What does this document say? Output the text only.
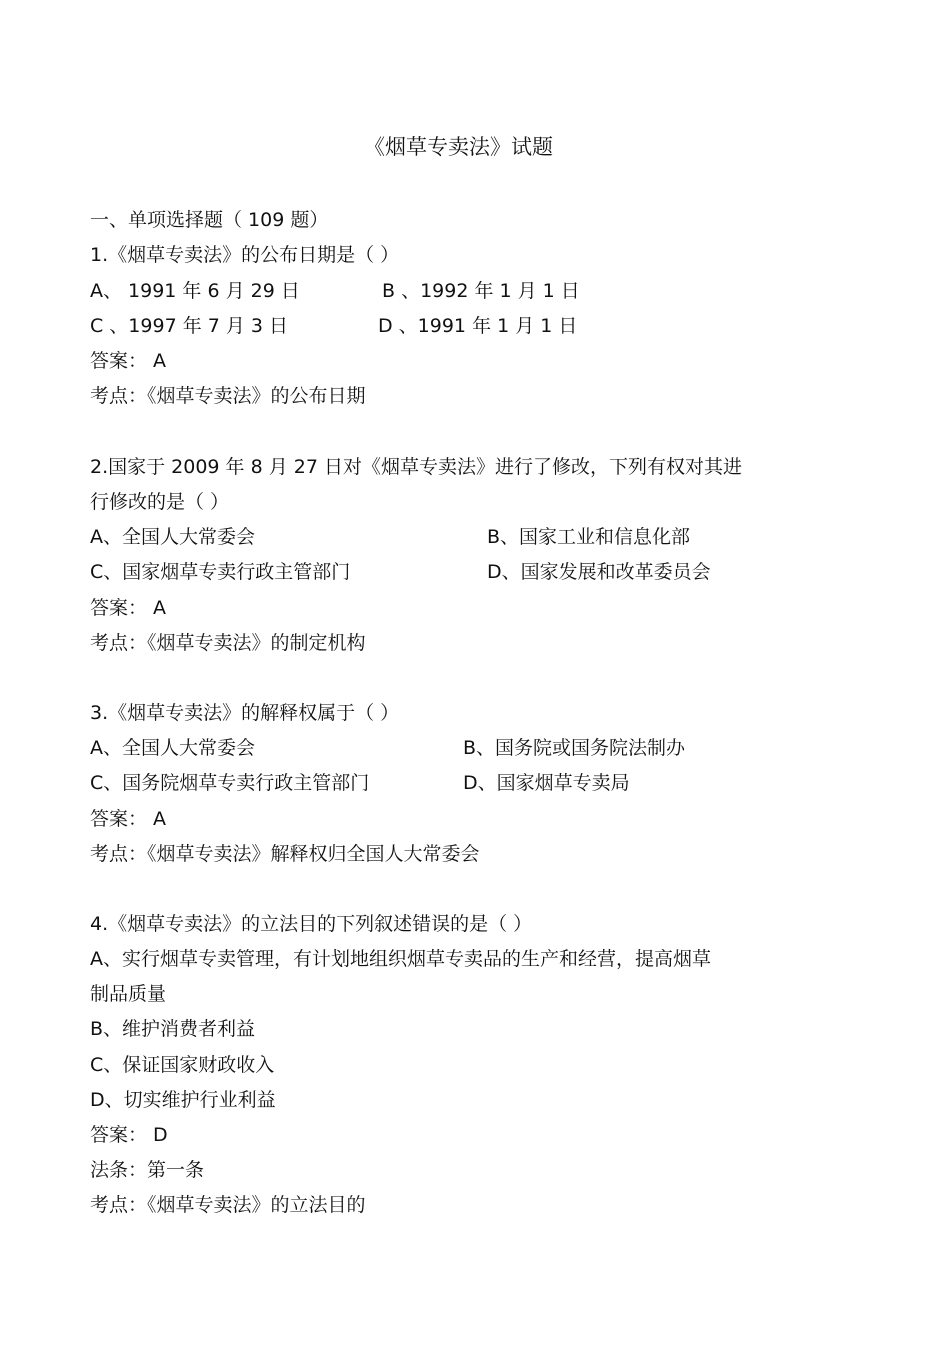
《烟草专卖法》试题
一、单项选择题（ 109 题）
1.《烟草专卖法》的公布日期是（ ）
A、 1991 年 6 月 29 日	B 、1992 年 1 月 1 日
C 、1997 年 7 月 3 日	D 、1991 年 1 月 1 日
答案： A
考点：《烟草专卖法》的公布日期
2.国家于 2009 年 8 月 27 日对《烟草专卖法》进行了修改，下列有权对其进
行修改的是（ ）
A、全国人大常委会	B、国家工业和信息化部
C、国家烟草专卖行政主管部门	D、国家发展和改革委员会
答案： A
考点：《烟草专卖法》的制定机构
3.《烟草专卖法》的解释权属于（ ）
A、全国人大常委会	B、国务院或国务院法制办
C、国务院烟草专卖行政主管部门	D、国家烟草专卖局
答案： A
考点：《烟草专卖法》解释权归全国人大常委会
4.《烟草专卖法》的立法目的下列叙述错误的是（ ）
A、实行烟草专卖管理，有计划地组织烟草专卖品的生产和经营，提高烟草
制品质量
B、维护消费者利益
C、保证国家财政收入
D、切实维护行业利益
答案： D
法条：第一条
考点：《烟草专卖法》的立法目的
